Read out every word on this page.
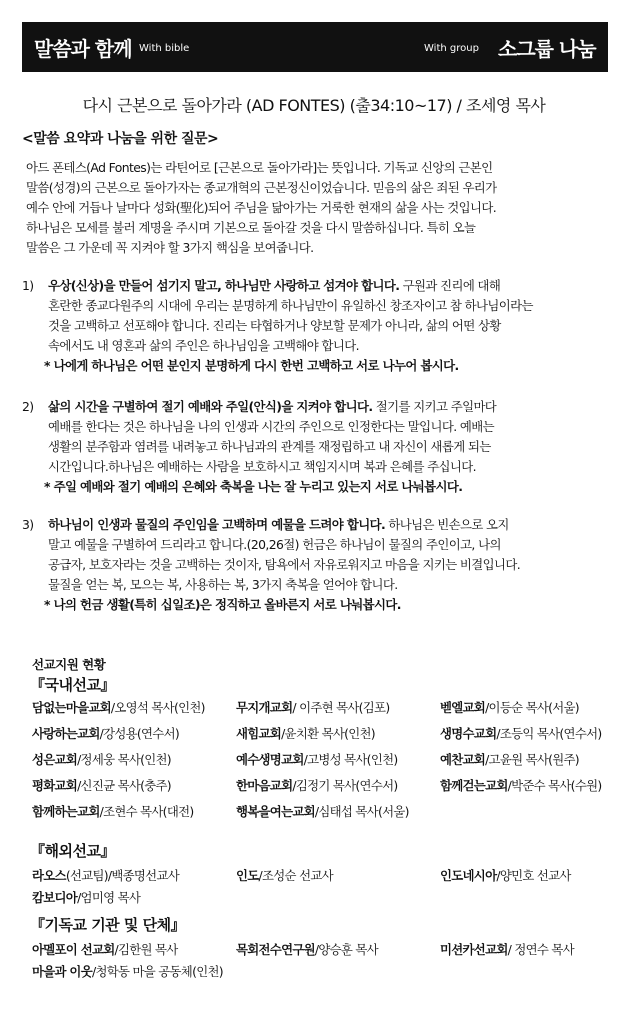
말씀과 함께 With bible	With group 소그룹 나눔
다시 근본으로 돌아가라 (AD FONTES) (출34:10~17) / 조세영 목사
<말씀 요약과 나눔을 위한 질문>
아드 폰테스(Ad Fontes)는 라틴어로 [근본으로 돌아가라]는 뜻입니다. 기독교 신앙의 근본인
말씀(성경)의 근본으로 돌아가자는 종교개혁의 근본정신이었습니다. 믿음의 삶은 죄된 우리가
예수 안에 거듭나 날마다 성화(聖化)되어 주님을 닮아가는 거룩한 현재의 삶을 사는 것입니다.
하나님은 모세를 불러 계명을 주시며 기본으로 돌아갈 것을 다시 말씀하십니다. 특히 오늘
말씀은 그 가운데 꼭 지켜야 할 3가지 핵심을 보여줍니다.
1) 우상(신상)을 만들어 섬기지 말고, 하나님만 사랑하고 섬겨야 합니다. 구원과 진리에 대해
혼란한 종교다원주의 시대에 우리는 분명하게 하나님만이 유일하신 창조자이고 참 하나님이라는
것을 고백하고 선포해야 합니다. 진리는 타협하거나 양보할 문제가 아니라, 삶의 어떤 상황
속에서도 내 영혼과 삶의 주인은 하나님임을 고백해야 합니다.
* 나에게 하나님은 어떤 분인지 분명하게 다시 한번 고백하고 서로 나누어 봅시다.
2) 삶의 시간을 구별하여 절기 예배와 주일(안식)을 지켜야 합니다. 절기를 지키고 주일마다
예배를 한다는 것은 하나님을 나의 인생과 시간의 주인으로 인정한다는 말입니다. 예배는
생활의 분주함과 염려를 내려놓고 하나님과의 관계를 재정립하고 내 자신이 새롭게 되는
시간입니다.하나님은 예배하는 사람을 보호하시고 책임지시며 복과 은혜를 주십니다.
* 주일 예배와 절기 예배의 은혜와 축복을 나는 잘 누리고 있는지 서로 나눠봅시다.
3) 하나님이 인생과 물질의 주인임을 고백하며 예물을 드려야 합니다. 하나님은 빈손으로 오지
말고 예물을 구별하여 드리라고 합니다.(20,26절) 헌금은 하나님이 물질의 주인이고, 나의
공급자, 보호자라는 것을 고백하는 것이자, 탐욕에서 자유로워지고 마음을 지키는 비결입니다.
물질을 얻는 복, 모으는 복, 사용하는 복, 3가지 축복을 얻어야 합니다.
* 나의 헌금 생활(특히 십일조)은 정직하고 올바른지 서로 나눠봅시다.
선교지원 현황
『국내선교』
담없는마을교회/오영석 목사(인천)	무지개교회/ 이주현 목사(김포)	벧엘교회/이등순 목사(서울)
사랑하는교회/강성용(연수서)	새힘교회/윤치환 목사(인천)	생명수교회/조등익 목사(연수서)
성은교회/정세웅 목사(인천)	예수생명교회/고병성 목사(인천)	예찬교회/고윤원 목사(원주)
평화교회/신진균 목사(충주)	한마음교회/김정기 목사(연수서)	함께걷는교회/박준수 목사(수원)
함께하는교회/조현수 목사(대전)	행복을여는교회/심태섭 목사(서울)
『해외선교』
라오스(선교팀)/백종명선교사	인도/조성순 선교사	인도네시아/양민호 선교사
캄보디아/엄미영 목사
『기독교 기관 및 단체』
아멜포이 선교회/김한원 목사	목회전수연구원/양승훈 목사	미션카선교회/ 정연수 목사
마을과 이웃/청학동 마을 공동체(인천)
